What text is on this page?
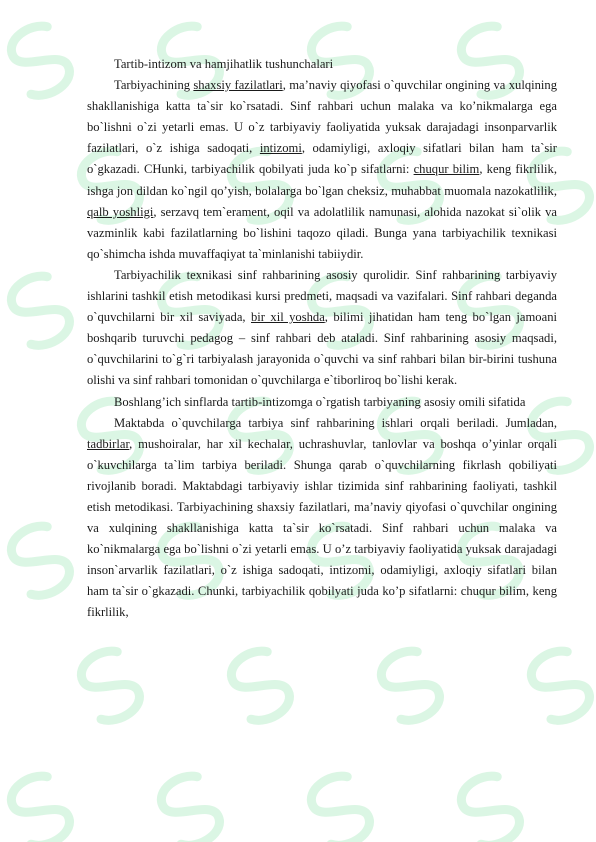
Tartib-intizom va hamjihatlik tushunchalari

Tarbiyachining shaxsiy fazilatlari, ma’naviy qiyofasi o`quvchilar ongining va xulqining shakllanishiga katta ta`sir ko`rsatadi. Sinf rahbari uchun malaka va ko’nikmalarga ega bo`lishni o`zi yetarli emas. U o`z tarbiyaviy faoliyatida yuksak darajadagi insonparvarlik fazilatlari, o`z ishiga sadoqati, intizomi, odamiyligi, axloqiy sifatlari bilan ham ta`sir o`gkazadi. CHunki, tarbiyachilik qobilyati juda ko`p sifatlarni: chuqur bilim, keng fikrlilik, ishga jon dildan ko`ngil qo’yish, bolalarga bo`lgan cheksiz, muhabbat muomala nazokatlilik, qalb yoshligi, serzavq tem`erament, oqil va adolatlilik namunasi, alohida nazokat si`olik va vazminlik kabi fazilatlarning bo`lishini taqozo qiladi. Bunga yana tarbiyachilik texnikasi qo`shimcha ishda muvaffaqiyat ta`minlanishi tabiiydir.

Tarbiyachilik texnikasi sinf rahbarining asosiy qurolidir. Sinf rahbarining tarbiyaviy ishlarini tashkil etish metodikasi kursi predmeti, maqsadi va vazifalari. Sinf rahbari deganda o`quvchilarni bir xil saviyada, bir xil yoshda, bilimi jihatidan ham teng bo`lgan jamoani boshqarib turuvchi pedagog – sinf rahbari deb ataladi. Sinf rahbarining asosiy maqsadi, o`quvchilarini to`g`ri tarbiyalash jarayonida o`quvchi va sinf rahbari bilan bir-birini tushuna olishi va sinf rahbari tomonidan o`quvchilarga e`tiborliroq bo`lishi kerak.

Boshlang’ich sinflarda tartib-intizomga o`rgatish tarbiyaning asosiy omili sifatida

Maktabda o`quvchilarga tarbiya sinf rahbarining ishlari orqali beriladi. Jumladan, tadbirlar, mushoiralar, har xil kechalar, uchrashuvlar, tanlovlar va boshqa o’yinlar orqali o`kuvchilarga ta`lim tarbiya beriladi. Shunga qarab o`quvchilarning fikrlash qobiliyati rivojlanib boradi. Maktabdagi tarbiyaviy ishlar tizimida sinf rahbarining faoliyati, tashkil etish metodikasi. Tarbiyachining shaxsiy fazilatlari, ma’naviy qiyofasi o`quvchilar ongining va xulqining shakllanishiga katta ta`sir ko`rsatadi. Sinf rahbari uchun malaka va ko`nikmalarga ega bo`lishni o`zi yetarli emas. U o’z tarbiyaviy faoliyatida yuksak darajadagi inson`arvarlik fazilatlari, o`z ishiga sadoqati, intizomi, odamiyligi, axloqiy sifatlari bilan ham ta`sir o`gkazadi. Chunki, tarbiyachilik qobilyati juda ko’p sifatlarni: chuqur bilim, keng fikrlilik,
